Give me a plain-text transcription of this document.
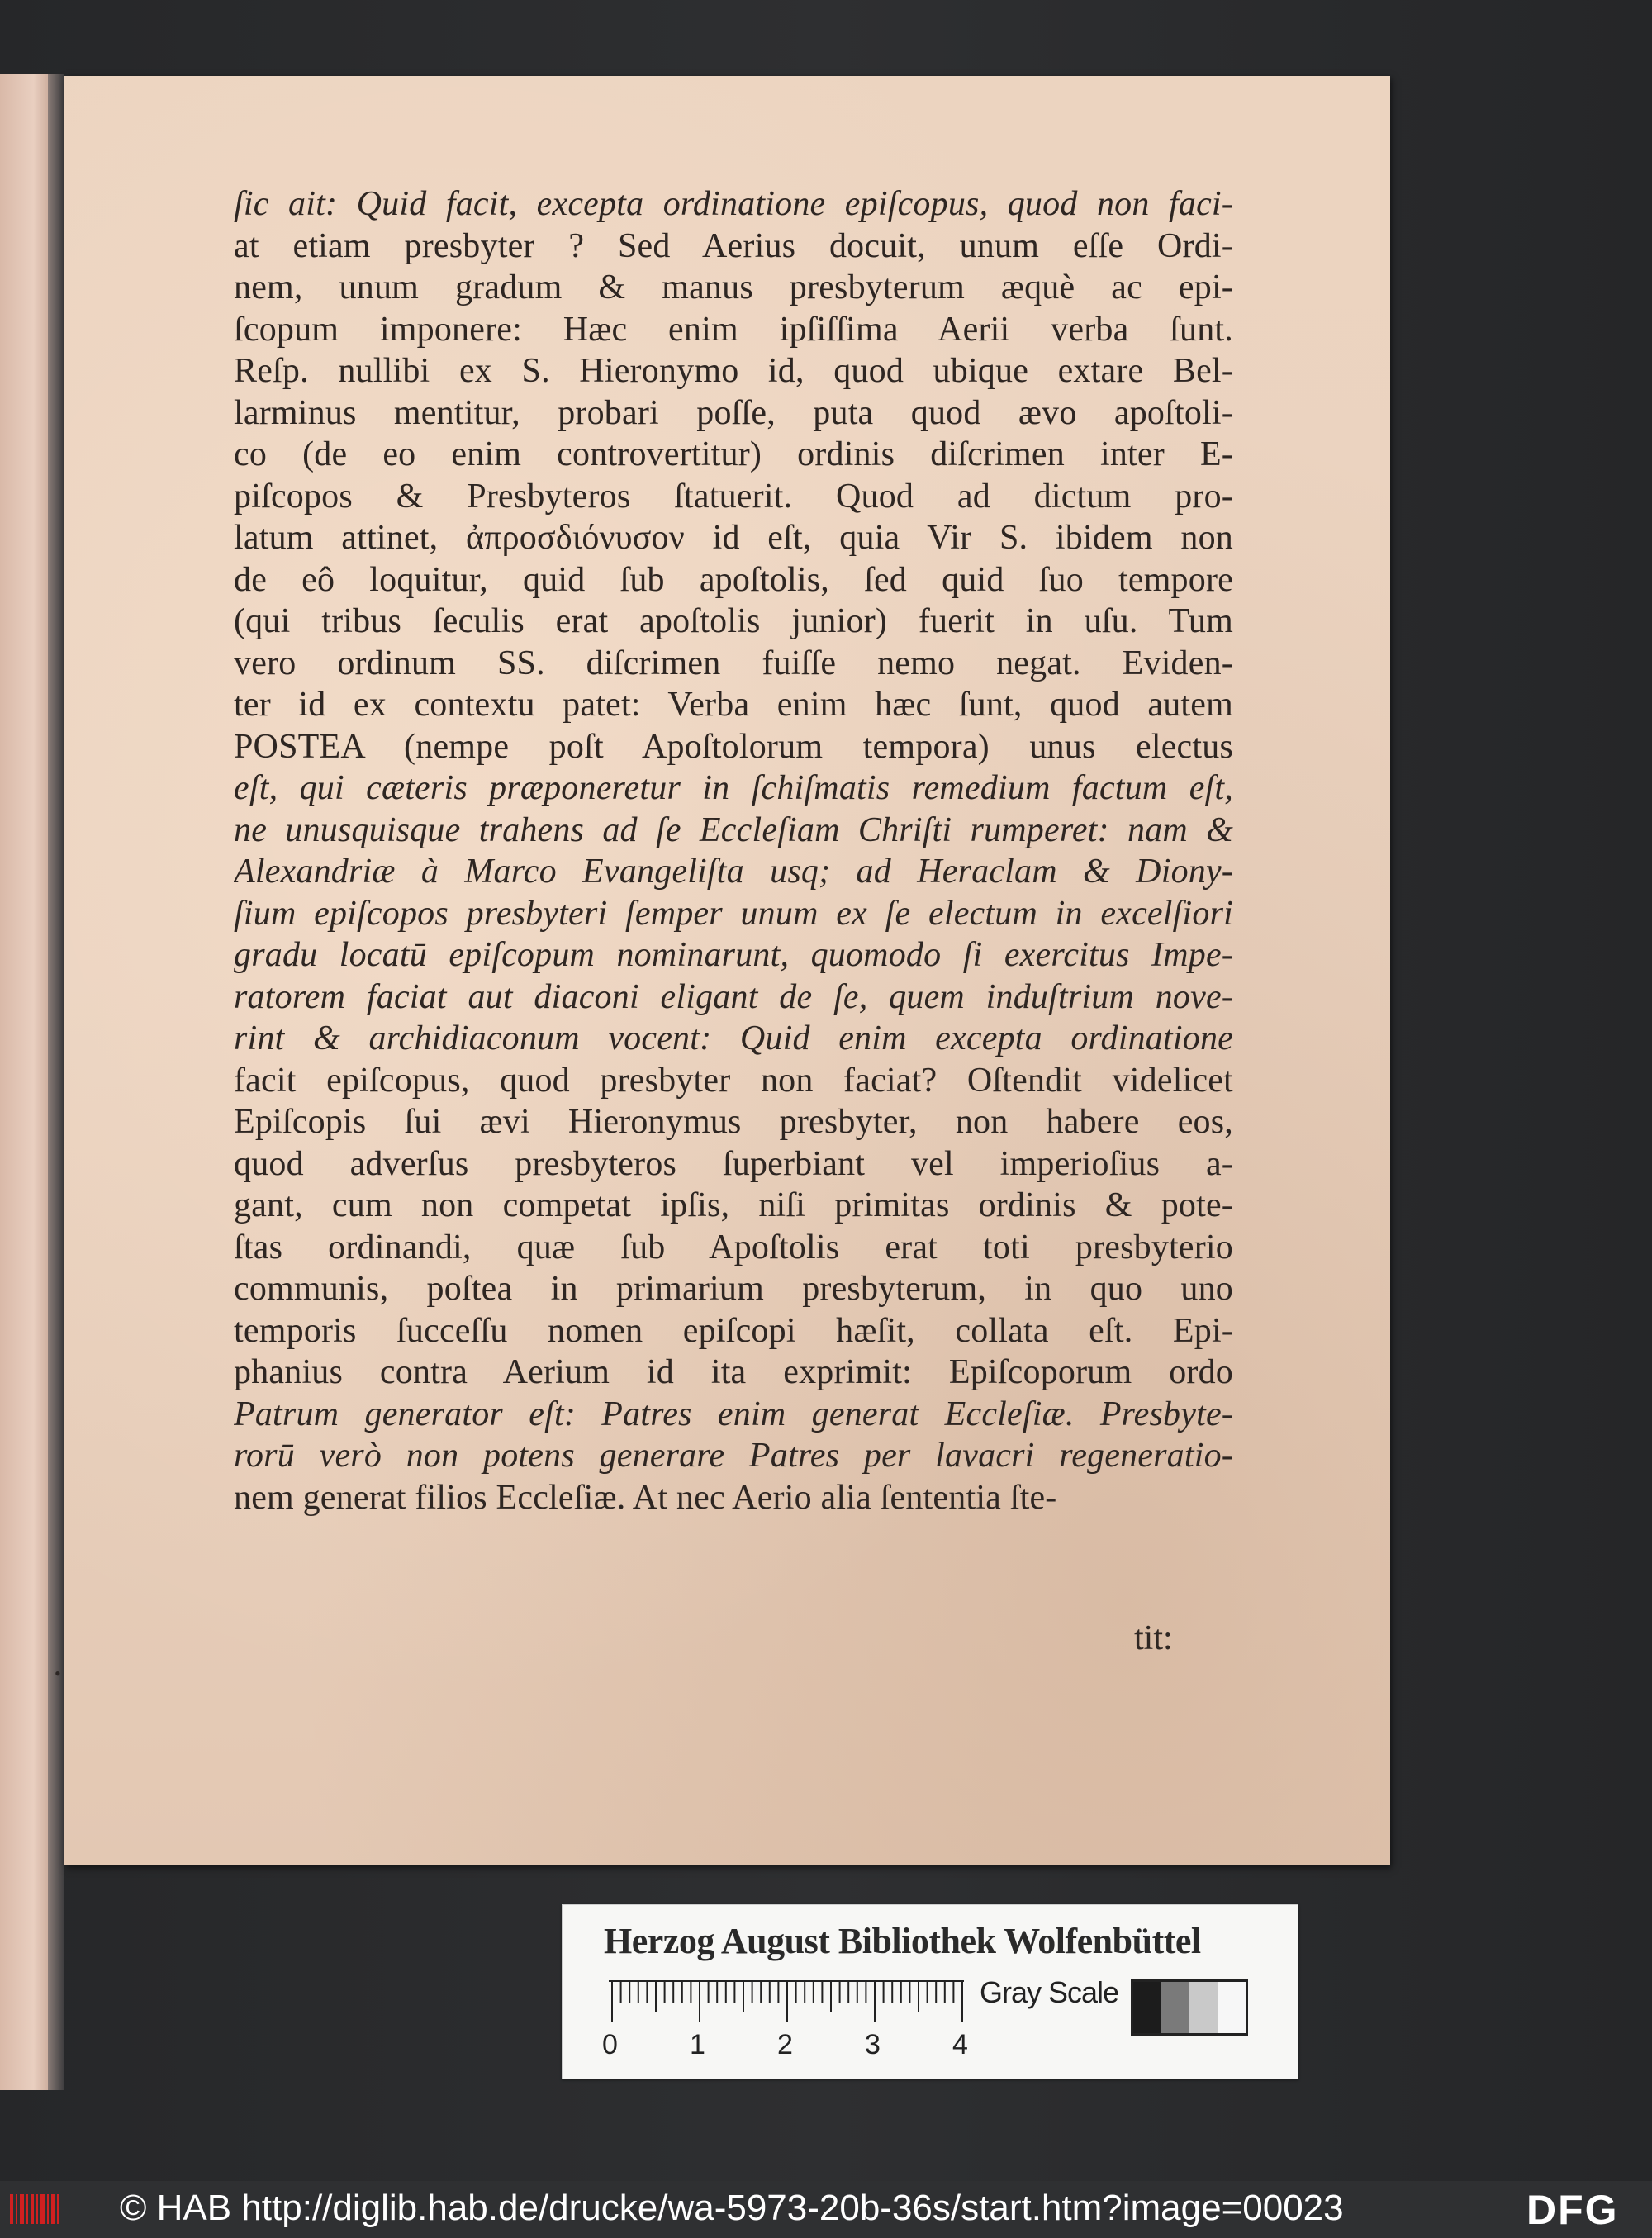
ſic ait: Quid facit, excepta ordinatione epiſcopus, quod non faci-
at etiam presbyter ? Sed Aerius docuit, unum eſſe Ordi-
nem, unum gradum & manus presbyterum æquè ac epi-
ſcopum imponere: Hæc enim ipſiſſima Aerii verba ſunt.
Reſp. nullibi ex S. Hieronymo id, quod ubique extare Bel-
larminus mentitur, probari poſſe, puta quod ævo apoſtoli-
co (de eo enim controvertitur) ordinis diſcrimen inter E-
piſcopos & Presbyteros ſtatuerit. Quod ad dictum pro-
latum attinet, ἀπροσδιόνυσον id eſt, quia Vir S. ibidem non
de eô loquitur, quid ſub apoſtolis, ſed quid ſuo tempore
(qui tribus ſeculis erat apoſtolis junior) fuerit in uſu. Tum
vero ordinum SS. diſcrimen fuiſſe nemo negat. Eviden-
ter id ex contextu patet: Verba enim hæc ſunt, quod autem
POSTEA (nempe poſt Apoſtolorum tempora) unus electus
eſt, qui cæteris præponeretur in ſchiſmatis remedium factum eſt,
ne unusquisque trahens ad ſe Eccleſiam Chriſti rumperet: nam &
Alexandriæ à Marco Evangeliſta usq; ad Heraclam & Diony-
ſium epiſcopos presbyteri ſemper unum ex ſe electum in excelſiori
gradu locatū epiſcopum nominarunt, quomodo ſi exercitus Impe-
ratorem faciat aut diaconi eligant de ſe, quem induſtrium nove-
rint & archidiaconum vocent: Quid enim excepta ordinatione
facit epiſcopus, quod presbyter non faciat? Oſtendit videlicet
Epiſcopis ſui ævi Hieronymus presbyter, non habere eos,
quod adverſus presbyteros ſuperbiant vel imperioſius a-
gant, cum non competat ipſis, niſi primitas ordinis & pote-
ſtas ordinandi, quæ ſub Apoſtolis erat toti presbyterio
communis, poſtea in primarium presbyterum, in quo uno
temporis ſucceſſu nomen epiſcopi hæſit, collata eſt. Epi-
phanius contra Aerium id ita exprimit: Epiſcoporum ordo
Patrum generator eſt: Patres enim generat Eccleſiæ. Presbyte-
rorū verò non potens generare Patres per lavacri regeneratio-
nem generat filios Eccleſiæ. At nec Aerio alia ſententia ſte-
tit:
•
Herzog August Bibliothek Wolfenbüttel
0	1	2	3	4
Gray Scale
© HAB http://diglib.hab.de/drucke/wa-5973-20b-36s/start.htm?image=00023	DFG
